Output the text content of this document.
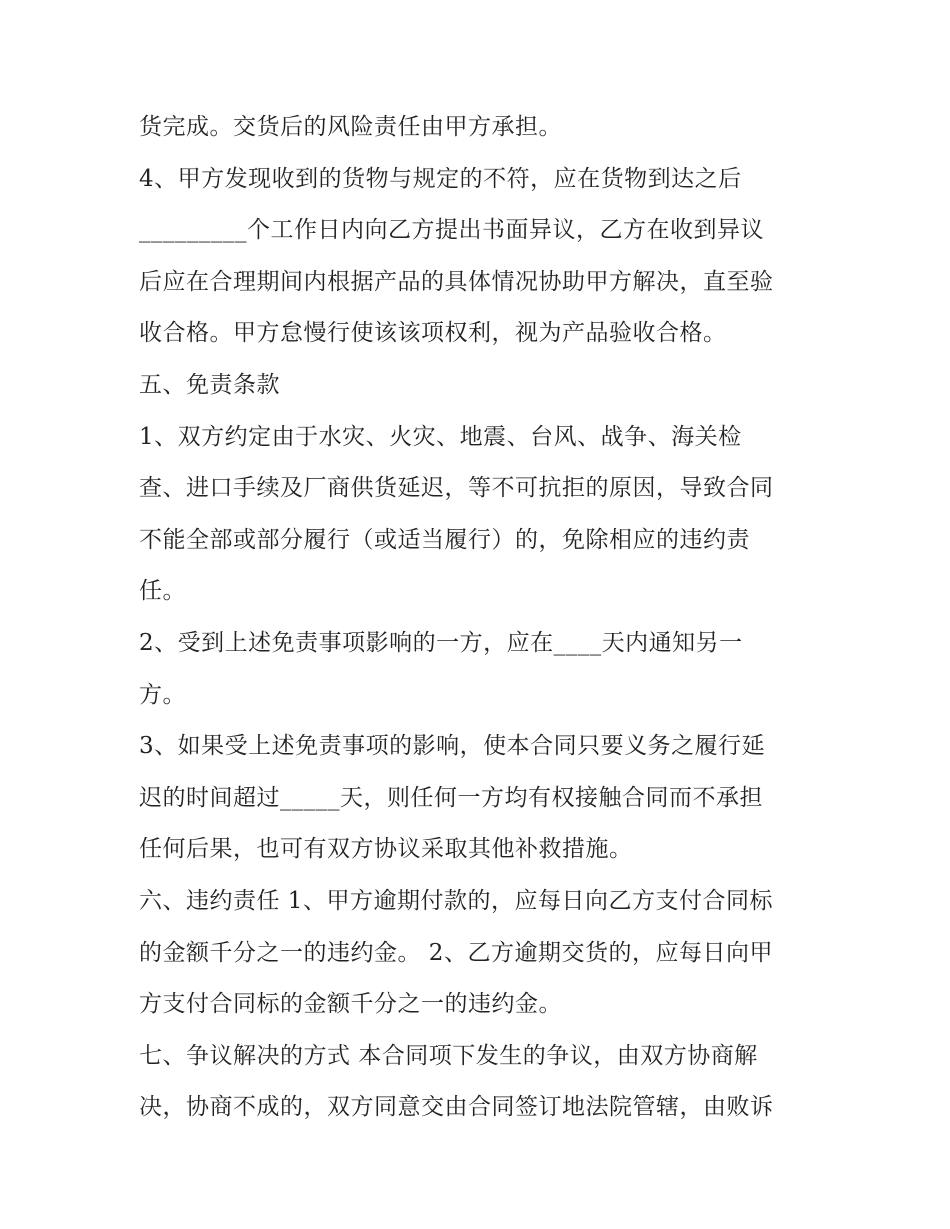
货完成。交货后的风险责任由甲方承担。
4、甲方发现收到的货物与规定的不符，应在货物到达之后
_________个工作日内向乙方提出书面异议，乙方在收到异议
后应在合理期间内根据产品的具体情况协助甲方解决，直至验
收合格。甲方怠慢行使该该项权利，视为产品验收合格。
五、免责条款
1、双方约定由于水灾、火灾、地震、台风、战争、海关检
查、进口手续及厂商供货延迟，等不可抗拒的原因，导致合同
不能全部或部分履行（或适当履行）的，免除相应的违约责
任。
2、受到上述免责事项影响的一方，应在____天内通知另一
方。
3、如果受上述免责事项的影响，使本合同只要义务之履行延
迟的时间超过_____天，则任何一方均有权接触合同而不承担
任何后果，也可有双方协议采取其他补救措施。
六、违约责任 1、甲方逾期付款的，应每日向乙方支付合同标
的金额千分之一的违约金。 2、乙方逾期交货的，应每日向甲
方支付合同标的金额千分之一的违约金。
七、争议解决的方式 本合同项下发生的争议，由双方协商解
决，协商不成的，双方同意交由合同签订地法院管辖，由败诉
